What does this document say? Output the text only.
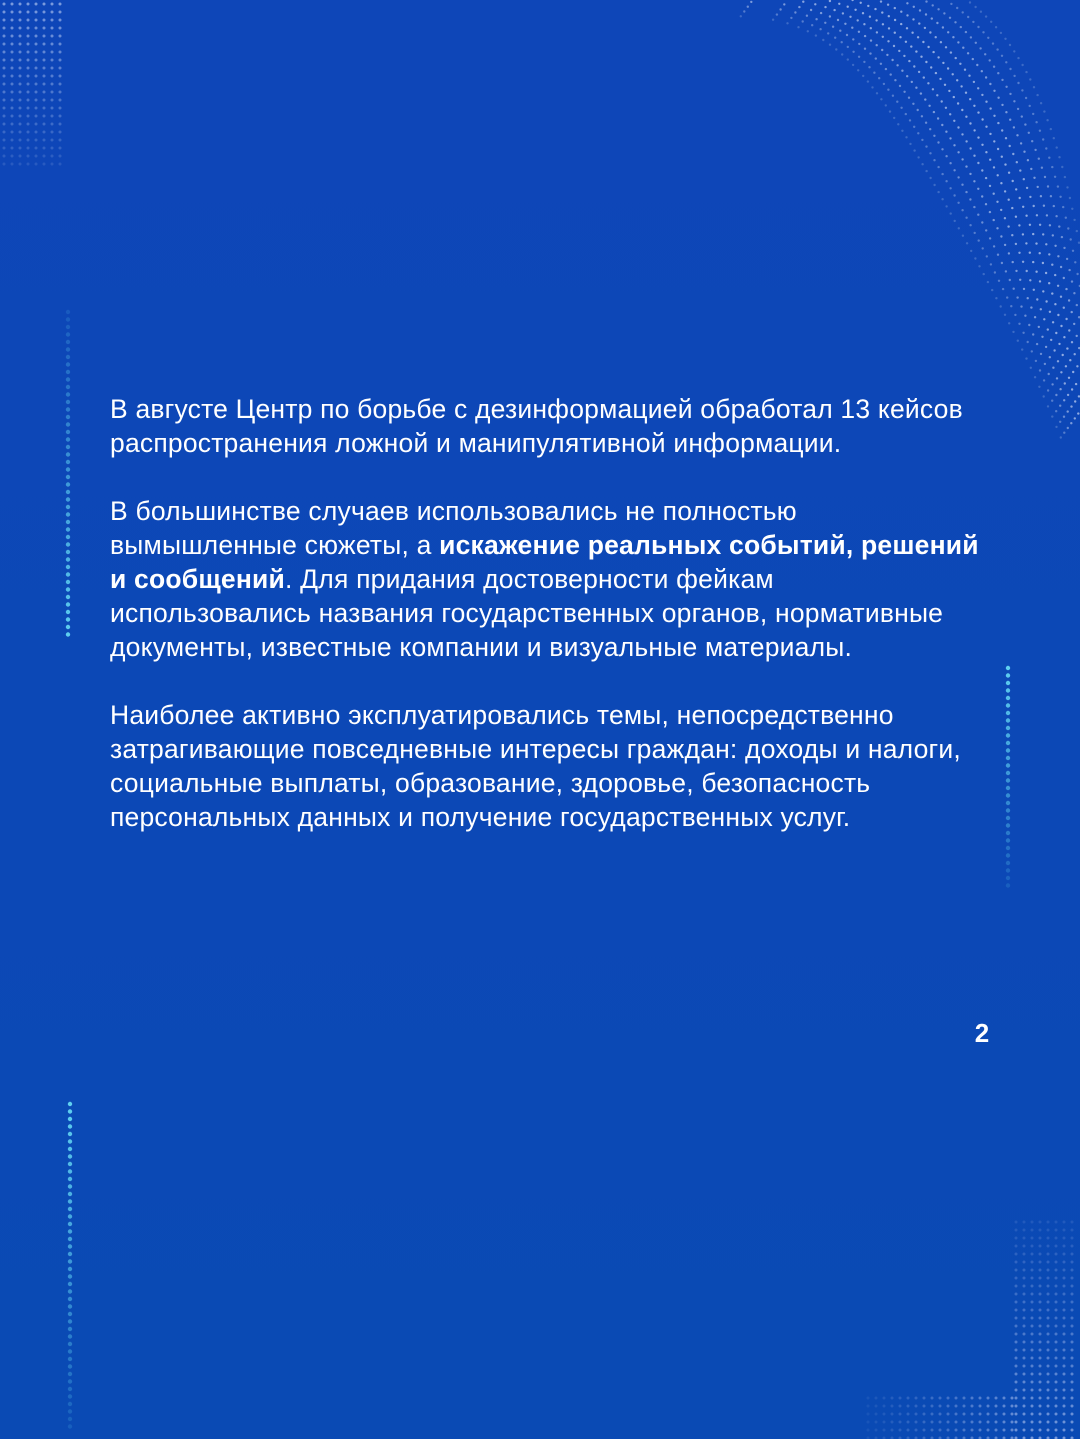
В августе Центр по борьбе с дезинформацией обработал 13 кейсов распространения ложной и манипулятивной информации.

В большинстве случаев использовались не полностью вымышленные сюжеты, а искажение реальных событий, решений и сообщений. Для придания достоверности фейкам использовались названия государственных органов, нормативные документы, известные компании и визуальные материалы.

Наиболее активно эксплуатировались темы, непосредственно затрагивающие повседневные интересы граждан: доходы и налоги, социальные выплаты, образование, здоровье, безопасность персональных данных и получение государственных услуг.

2
